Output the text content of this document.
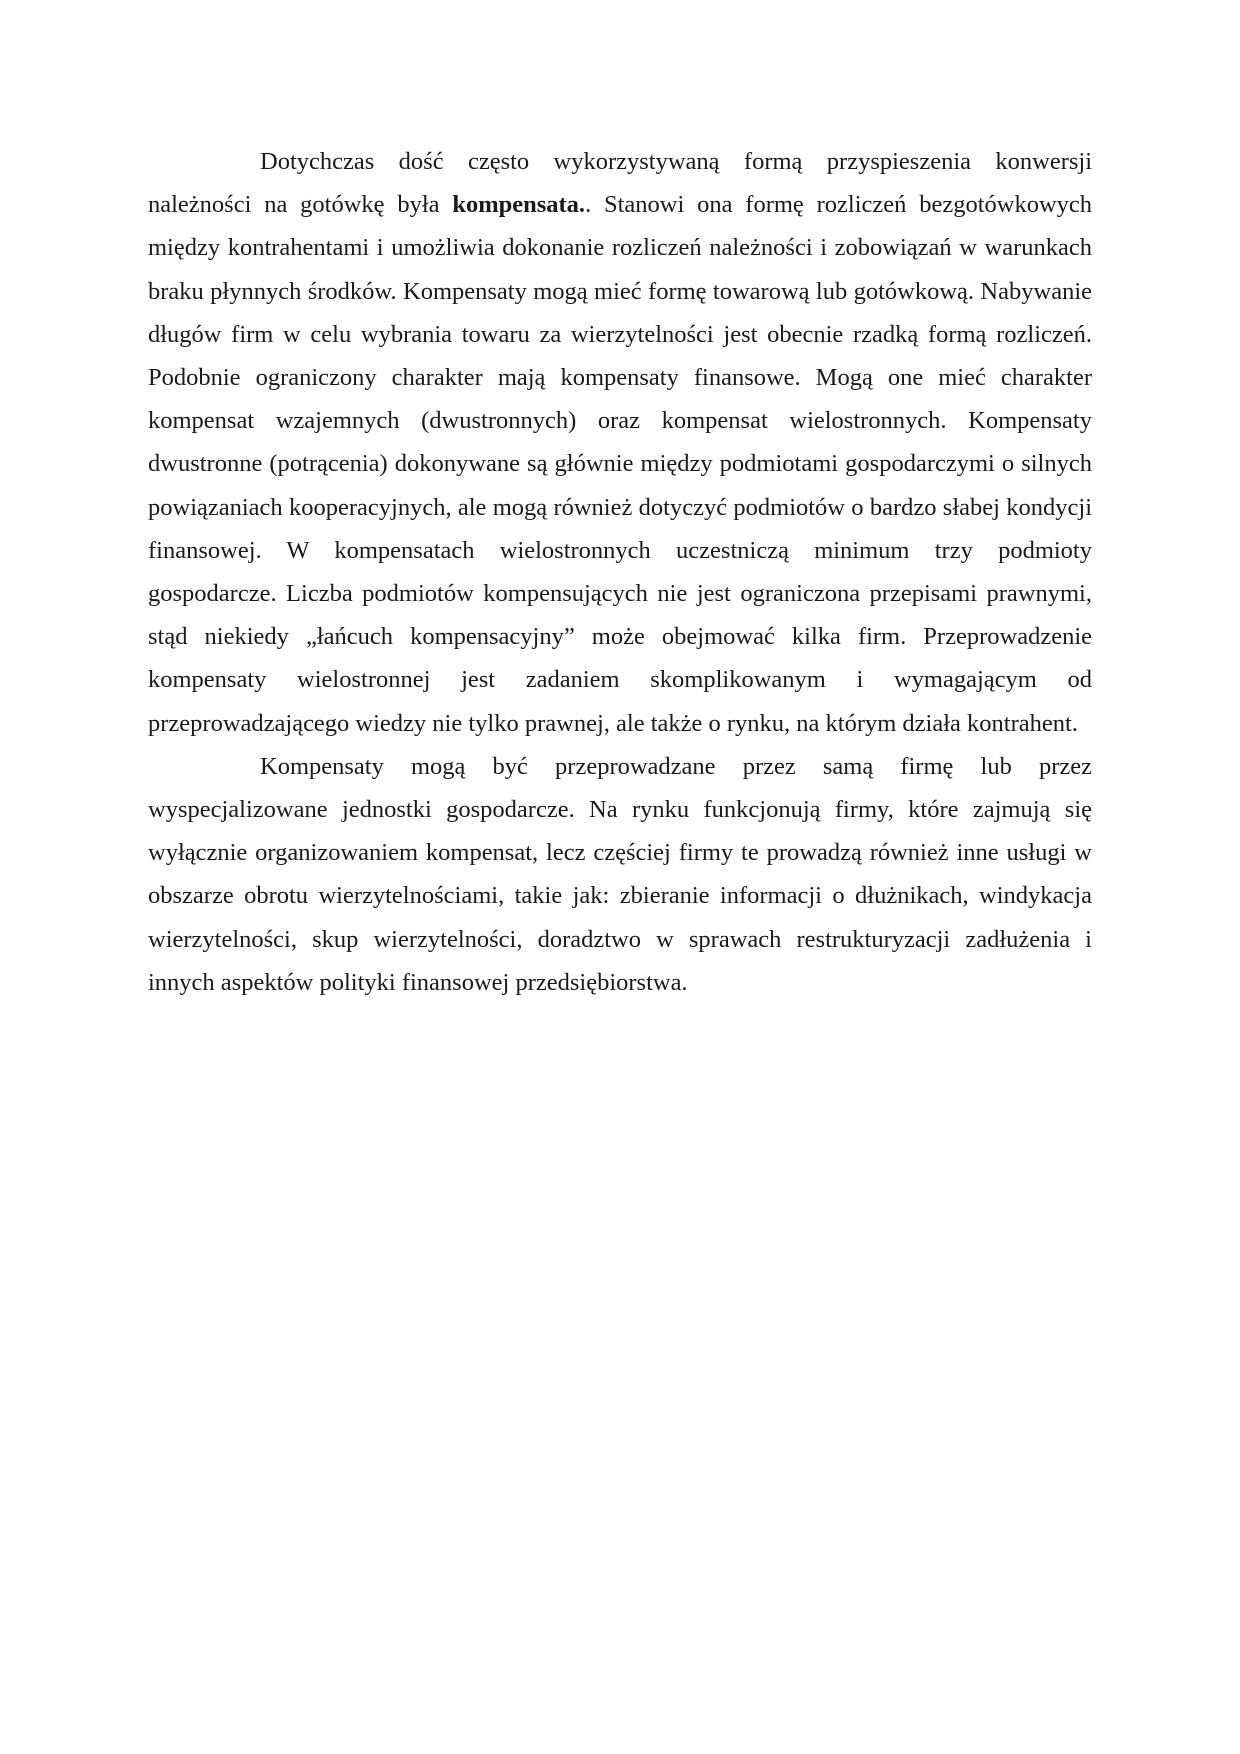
Dotychczas dość często wykorzystywaną formą przyspieszenia konwersji należności na gotówkę była kompensata.. Stanowi ona formę rozliczeń bezgotówkowych między kontrahentami i umożliwia dokonanie rozliczeń należności i zobowiązań w warunkach braku płynnych środków. Kompensaty mogą mieć formę towarową lub gotówkową. Nabywanie długów firm w celu wybrania towaru za wierzytelności jest obecnie rzadką formą rozliczeń. Podobnie ograniczony charakter mają kompensaty finansowe. Mogą one mieć charakter kompensat wzajemnych (dwustronnych) oraz kompensat wielostronnych. Kompensaty dwustronne (potrącenia) dokonywane są głównie między podmiotami gospodarczymi o silnych powiązaniach kooperacyjnych, ale mogą również dotyczyć podmiotów o bardzo słabej kondycji finansowej. W kompensatach wielostronnych uczestniczą minimum trzy podmioty gospodarcze. Liczba podmiotów kompensujących nie jest ograniczona przepisami prawnymi, stąd niekiedy „łańcuch kompensacyjny” może obejmować kilka firm. Przeprowadzenie kompensaty wielostronnej jest zadaniem skomplikowanym i wymagającym od przeprowadzającego wiedzy nie tylko prawnej, ale także o rynku, na którym działa kontrahent.

Kompensaty mogą być przeprowadzane przez samą firmę lub przez wyspecjalizowane jednostki gospodarcze. Na rynku funkcjonują firmy, które zajmują się wyłącznie organizowaniem kompensat, lecz częściej firmy te prowadzą również inne usługi w obszarze obrotu wierzytelnościami, takie jak: zbieranie informacji o dłużnikach, windykacja wierzytelności, skup wierzytelności, doradztwo w sprawach restrukturyzacji zadłużenia i innych aspektów polityki finansowej przedsiębiorstwa.
